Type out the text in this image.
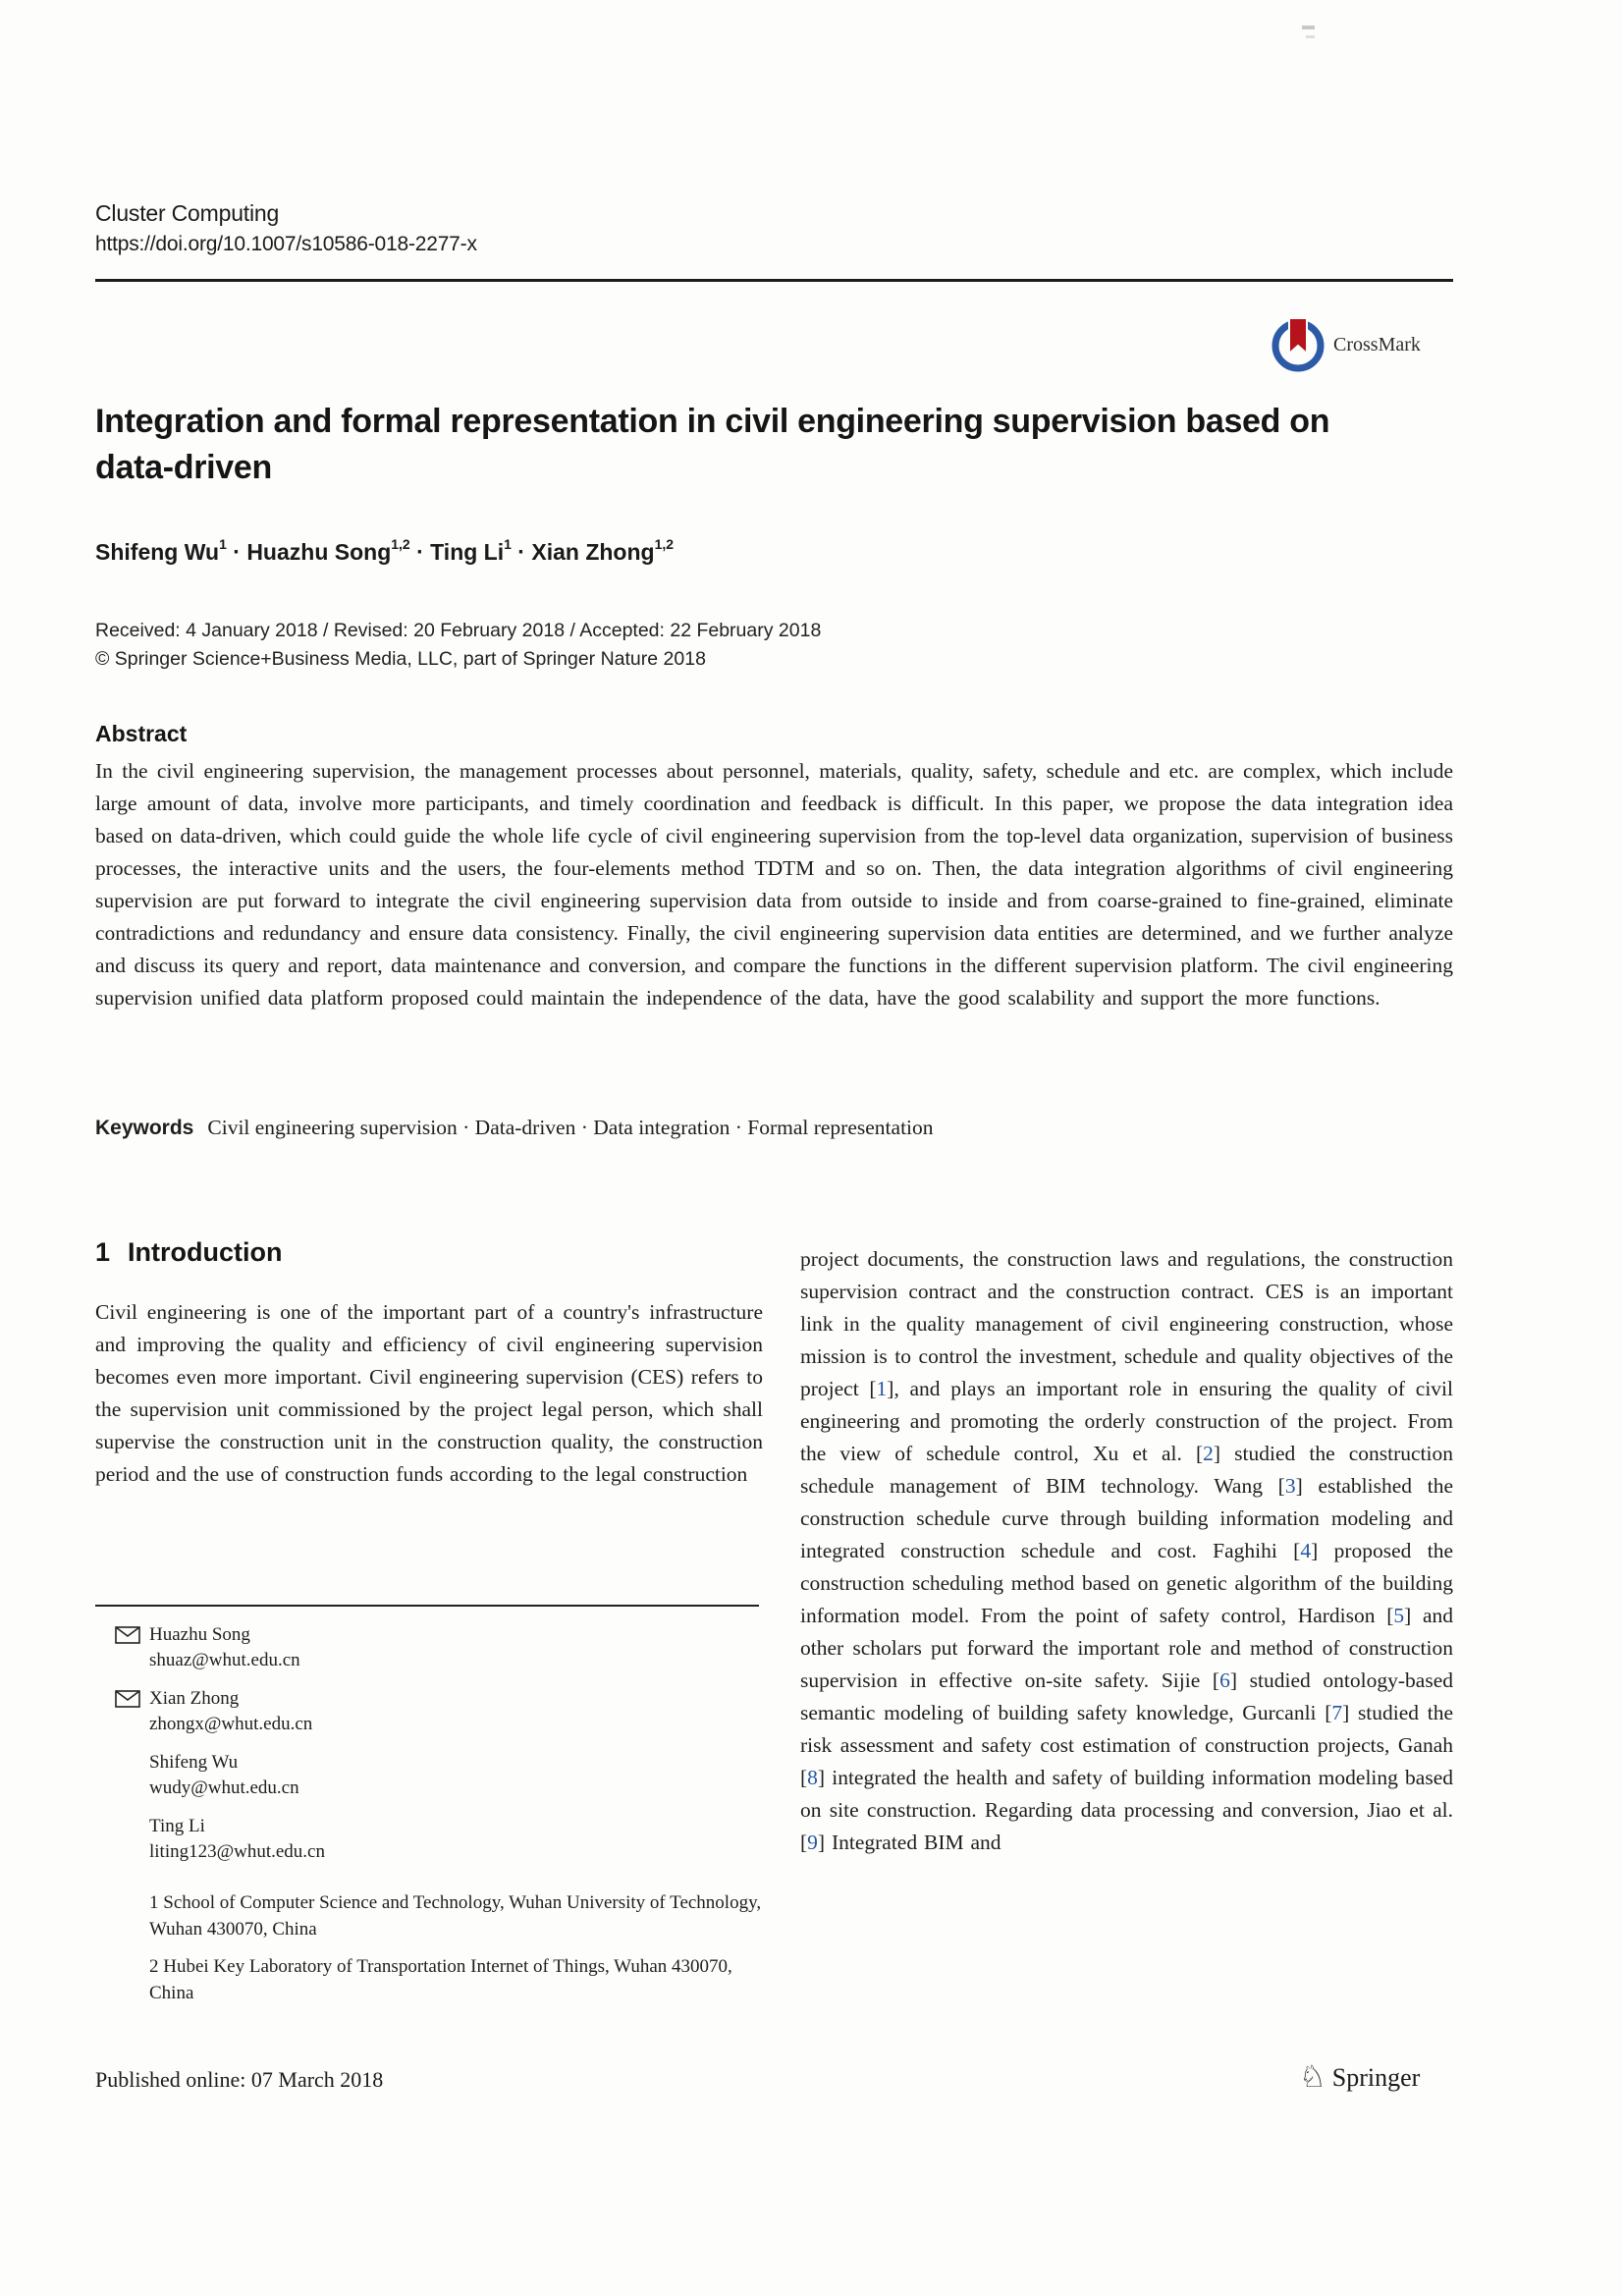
Cluster Computing
https://doi.org/10.1007/s10586-018-2277-x
CrossMark
Integration and formal representation in civil engineering supervision based on data-driven
Shifeng $Wu^1$ · Huazhu Song$^{1,2}$ · Ting $Li^1$ · Xian Zhong$^{1,2}$
Received: 4 January 2018 / Revised: 20 February 2018 / Accepted: 22 February 2018
© Springer Science+Business Media, LLC, part of Springer Nature 2018
Abstract
In the civil engineering supervision, the management processes about personnel, materials, quality, safety, schedule and etc. are complex, which include large amount of data, involve more participants, and timely coordination and feedback is difficult. In this paper, we propose the data integration idea based on data-driven, which could guide the whole life cycle of civil engineering supervision from the top-level data organization, supervision of business processes, the interactive units and the users, the four-elements method TDTM and so on. Then, the data integration algorithms of civil engineering supervision are put forward to integrate the civil engineering supervision data from outside to inside and from coarse-grained to fine-grained, eliminate contradictions and redundancy and ensure data consistency. Finally, the civil engineering supervision data entities are determined, and we further analyze and discuss its query and report, data maintenance and conversion, and compare the functions in the different supervision platform. The civil engineering supervision unified data platform proposed could maintain the independence of the data, have the good scalability and support the more functions.
Keywords Civil engineering supervision · Data-driven · Data integration · Formal representation
1 Introduction
Civil engineering is one of the important part of a country's infrastructure and improving the quality and efficiency of civil engineering supervision becomes even more important. Civil engineering supervision (CES) refers to the supervision unit commissioned by the project legal person, which shall supervise the construction unit in the construction quality, the construction period and the use of construction funds according to the legal construction
project documents, the construction laws and regulations, the construction supervision contract and the construction contract. CES is an important link in the quality management of civil engineering construction, whose mission is to control the investment, schedule and quality objectives of the project [1], and plays an important role in ensuring the quality of civil engineering and promoting the orderly construction of the project. From the view of schedule control, Xu et al. [2] studied the construction schedule management of BIM technology. Wang [3] established the construction schedule curve through building information modeling and integrated construction schedule and cost. Faghihi [4] proposed the construction scheduling method based on genetic algorithm of the building information model. From the point of safety control, Hardison [5] and other scholars put forward the important role and method of construction supervision in effective on-site safety. Sijie [6] studied ontology-based semantic modeling of building safety knowledge, Gurcanli [7] studied the risk assessment and safety cost estimation of construction projects, Ganah [8] integrated the health and safety of building information modeling based on site construction. Regarding data processing and conversion, Jiao et al. [9] Integrated BIM and
Huazhu Song
shuaz@whut.edu.cn
Xian Zhong
zhongx@whut.edu.cn
Shifeng Wu
wudy@whut.edu.cn
Ting Li
liting123@whut.edu.cn
1 School of Computer Science and Technology, Wuhan University of Technology, Wuhan 430070, China
2 Hubei Key Laboratory of Transportation Internet of Things, Wuhan 430070, China
Published online: 07 March 2018	♘ Springer
